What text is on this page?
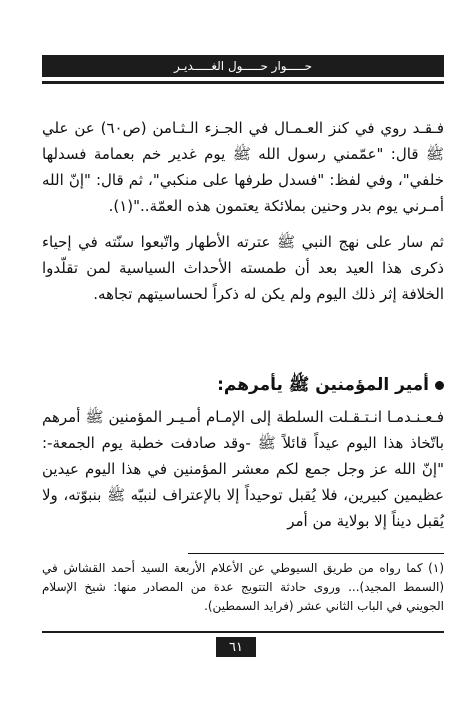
حـــــوار حـــــول الغـــــديـر

فـقـد روي في كنز العـمـال في الجـزء الـثـامن (ص٦٠) عن علي ﷺ قال: "عمّمني رسول الله ﷺ يوم غدير خم بعمامة فسدلها خلفي"، وفي لفظ: "فسدل طرفها على منكبي"، ثم قال: "إنّ الله أمـرني يوم بدر وحنين بملائكة يعتمون هذه العمّة.."(١).

ثم سار على نهج النبي ﷺ عترته الأطهار واتّبعوا سنّته في إحياء ذكرى هذا العيد بعد أن طمسته الأحداث السياسية لمن تقلّدوا الخلافة إثر ذلك اليوم ولم يكن له ذكراً لحساسيتهم تجاهه.

أمير المؤمنين ﷺ يأمرهم:

فـعـنـدمـا انـتـقـلت السلطة إلى الإمـام أمـيـر المؤمنين ﷺ أمرهم باتّخاذ هذا اليوم عيداً قائلاً ﷺ -وقد صادفت خطبة يوم الجمعة-: "إنّ الله عز وجل جمع لكم معشر المؤمنين في هذا اليوم عيدين عظيمين كبيرين، فلا يُقبل توحيداً إلا بالإعتراف لنبيّه ﷺ بنبوّته، ولا يُقبل ديناً إلا بولاية من أمر

(١) كما رواه من طريق السيوطي عن الأعلام الأربعة السيد أحمد القشاش في (السمط المجيد)... وروى حادثة التتويج عدة من المصادر منها: شيخ الإسلام الجويني في الباب الثاني عشر (فرايد السمطين).

٦١
